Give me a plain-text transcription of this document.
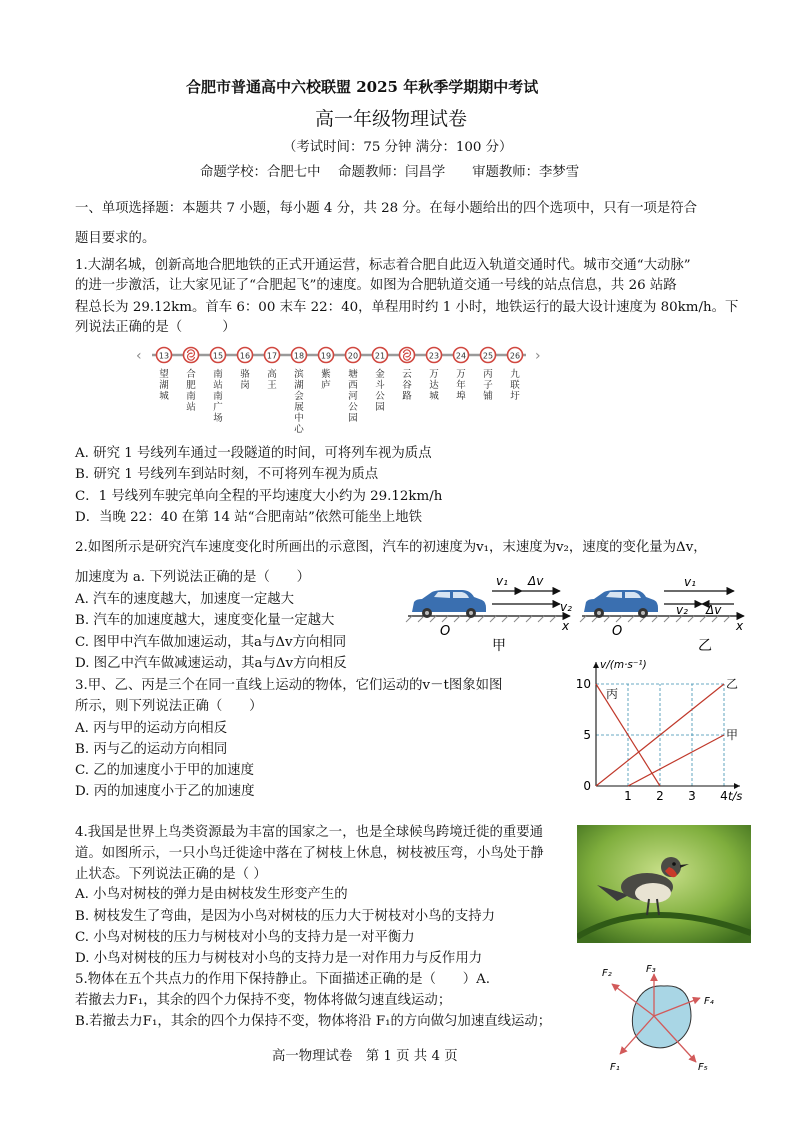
合肥市普通高中六校联盟 2025 年秋季学期期中考试
高一年级物理试卷
（考试时间：75 分钟 满分：100 分）
命题学校：合肥七中　 命题教师：闫昌学　　审题教师：李梦雪
一、单项选择题：本题共 7 小题，每小题 4 分，共 28 分。在每小题给出的四个选项中，只有一项是符合
题目要求的。
1.大湖名城，创新高地合肥地铁的正式开通运营，标志着合肥自此迈入轨道交通时代。城市交通“大动脉”
的进一步激活，让大家见证了“合肥起飞”的速度。如图为合肥轨道交通一号线的站点信息，共 26 站路
程总长为 29.12km。首车 6：00 末车 22：40，单程用时约 1 小时，地铁运行的最大设计速度为 80km/h。下
列说法正确的是（　　　）
‹	›
13
望
湖
城
合
肥
南
站
15
南
站
南
广
场
16
骆
岗
17
高
王
18
滨
湖
会
展
中
心
19
紫
庐
20
塘
西
河
公
园
21
金
斗
公
园
云
谷
路
23
万
达
城
24
万
年
埠
25
丙
子
铺
26
九
联
圩
A. 研究 1 号线列车通过一段隧道的时间，可将列车视为质点
B. 研究 1 号线列车到站时刻，不可将列车视为质点
C．1 号线列车驶完单向全程的平均速度大小约为 29.12km/h
D．当晚 22：40 在第 14 站“合肥南站”依然可能坐上地铁
2.如图所示是研究汽车速度变化时所画出的示意图，汽车的初速度为v₁，末速度为v₂，速度的变化量为Δv，
加速度为 a. 下列说法正确的是（　　）
A. 汽车的速度越大，加速度一定越大
B. 汽车的加速度越大，速度变化量一定越大
C. 图甲中汽车做加速运动，其a与Δv方向相同
D. 图乙中汽车做减速运动，其a与Δv方向相反
v₁ Δv
v₂
O	x
甲
v₁
v₂ Δv
O	x
乙
3.甲、乙、丙是三个在同一直线上运动的物体，它们运动的v－t图象如图
所示，则下列说法正确（　　）
A. 丙与甲的运动方向相反
B. 丙与乙的运动方向相同
C. 乙的加速度小于甲的加速度
D. 丙的加速度小于乙的加速度
丙
乙
甲
1 2 3 4
5
10
0
v/(m·s⁻¹)
t/s
4.我国是世界上鸟类资源最为丰富的国家之一，也是全球候鸟跨境迁徙的重要通
道。如图所示，一只小鸟迁徙途中落在了树枝上休息，树枝被压弯，小鸟处于静
止状态。下列说法正确的是（ ）
A. 小鸟对树枝的弹力是由树枝发生形变产生的
B. 树枝发生了弯曲，是因为小鸟对树枝的压力大于树枝对小鸟的支持力
C. 小鸟对树枝的压力与树枝对小鸟的支持力是一对平衡力
D. 小鸟对树枝的压力与树枝对小鸟的支持力是一对作用力与反作用力
5.物体在五个共点力的作用下保持静止。下面描述正确的是（　　）A.
若撤去力F₁，其余的四个力保持不变，物体将做匀速直线运动；
B.若撤去力F₁，其余的四个力保持不变，物体将沿 F₁的方向做匀加速直线运动；
F₁
F₂	F₃
F₄
F₅
高一物理试卷　第 1 页 共 4 页
